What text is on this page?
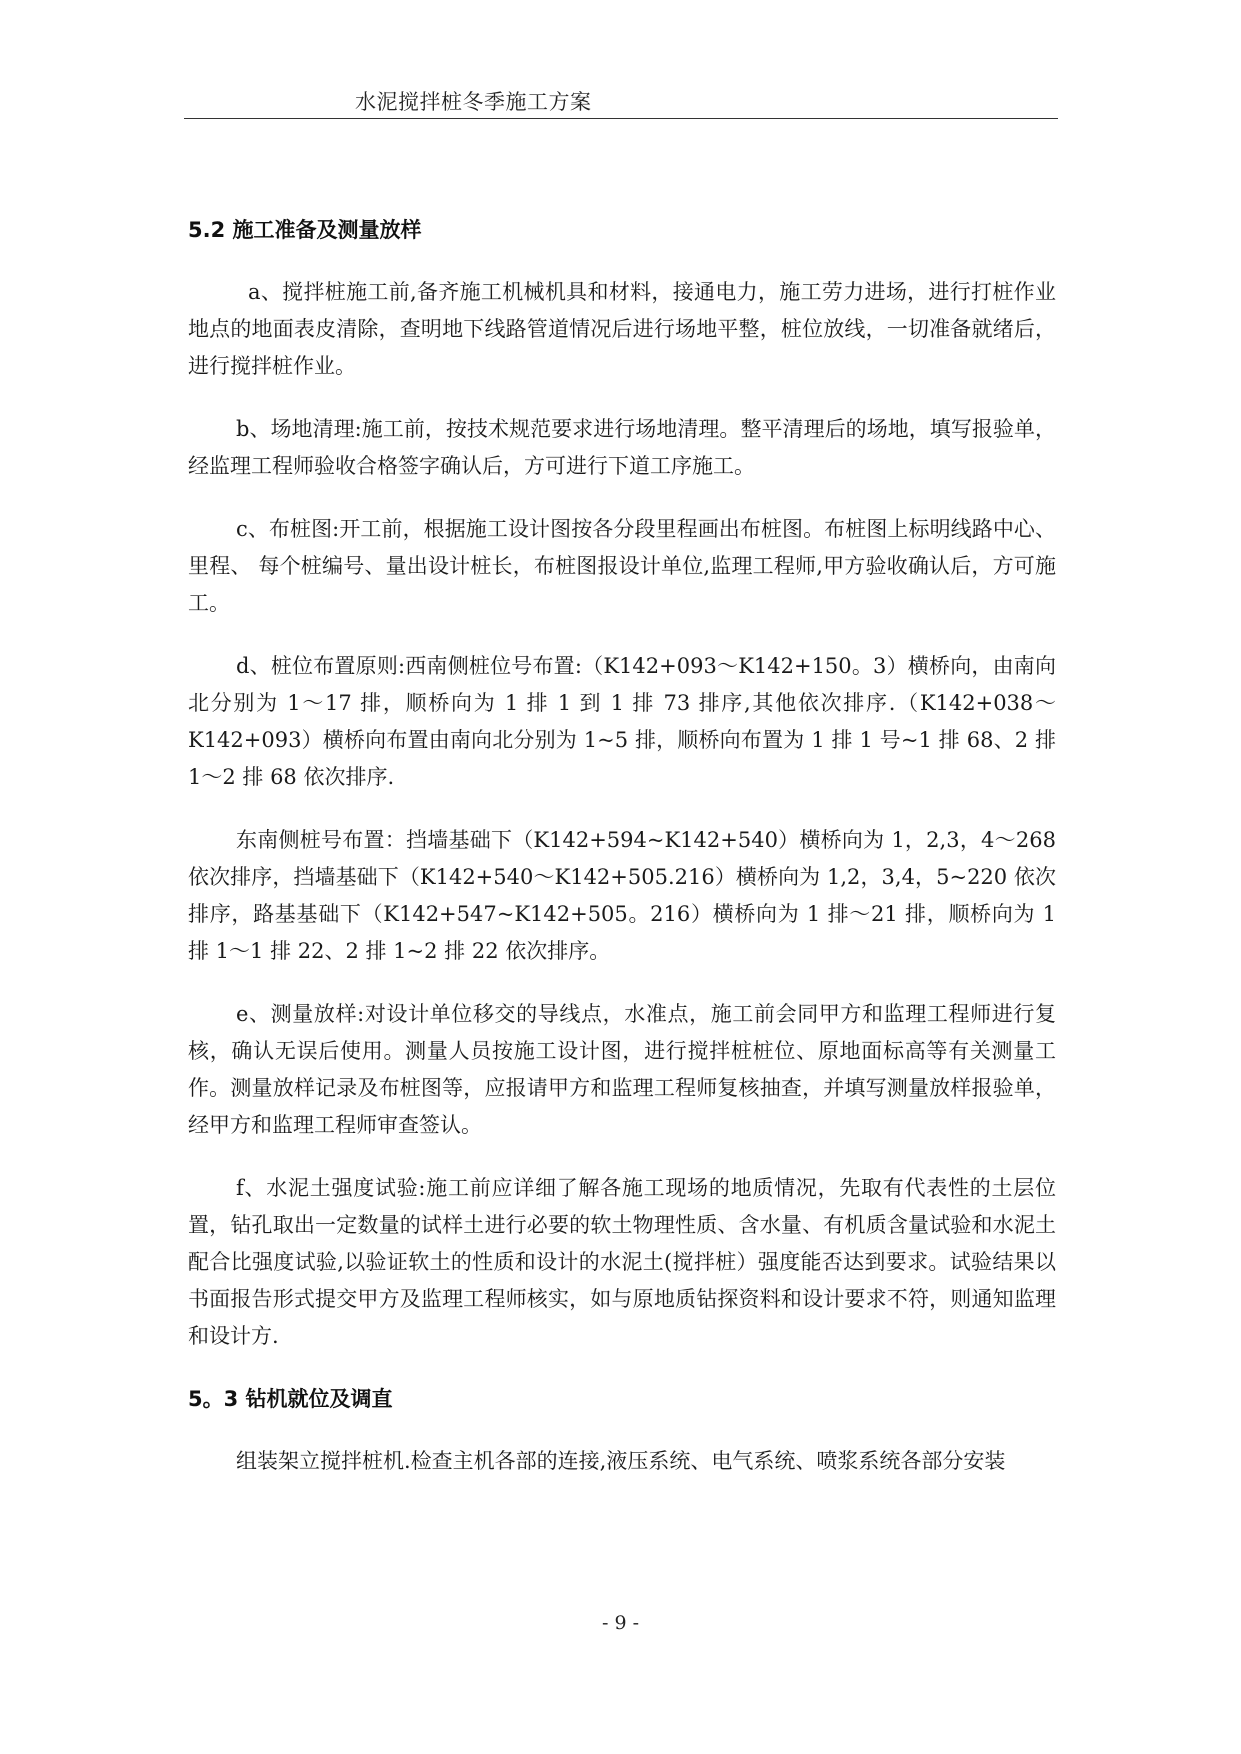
水泥搅拌桩冬季施工方案
5.2 施工准备及测量放样

a、搅拌桩施工前,备齐施工机械机具和材料，接通电力，施工劳力进场，进行打桩作业地点的地面表皮清除，查明地下线路管道情况后进行场地平整，桩位放线，一切准备就绪后，进行搅拌桩作业。

b、场地清理:施工前，按技术规范要求进行场地清理。整平清理后的场地，填写报验单，经监理工程师验收合格签字确认后，方可进行下道工序施工。

c、布桩图:开工前，根据施工设计图按各分段里程画出布桩图。布桩图上标明线路中心、里程、 每个桩编号、量出设计桩长，布桩图报设计单位,监理工程师,甲方验收确认后，方可施工。

d、桩位布置原则:西南侧桩位号布置:（K142+093～K142+150。3）横桥向，由南向北分别为 1～17 排，顺桥向为 1 排 1 到 1 排 73 排序,其他依次排序.（K142+038～K142+093）横桥向布置由南向北分别为 1~5 排，顺桥向布置为 1 排 1 号~1 排 68、2 排 1～2 排 68 依次排序.

东南侧桩号布置：挡墙基础下（K142+594~K142+540）横桥向为 1，2,3，4～268 依次排序，挡墙基础下（K142+540～K142+505.216）横桥向为 1,2，3,4，5~220 依次排序，路基基础下（K142+547~K142+505。216）横桥向为 1 排～21 排，顺桥向为 1 排 1～1 排 22、2 排 1~2 排 22 依次排序。

e、测量放样:对设计单位移交的导线点，水准点，施工前会同甲方和监理工程师进行复核，确认无误后使用。测量人员按施工设计图，进行搅拌桩桩位、原地面标高等有关测量工作。测量放样记录及布桩图等，应报请甲方和监理工程师复核抽查，并填写测量放样报验单，经甲方和监理工程师审查签认。

f、水泥土强度试验:施工前应详细了解各施工现场的地质情况，先取有代表性的土层位置，钻孔取出一定数量的试样土进行必要的软土物理性质、含水量、有机质含量试验和水泥土配合比强度试验,以验证软土的性质和设计的水泥土(搅拌桩）强度能否达到要求。试验结果以书面报告形式提交甲方及监理工程师核实，如与原地质钻探资料和设计要求不符，则通知监理和设计方.

5。3 钻机就位及调直

组装架立搅拌桩机.检查主机各部的连接,液压系统、电气系统、喷浆系统各部分安装

- 9 -
